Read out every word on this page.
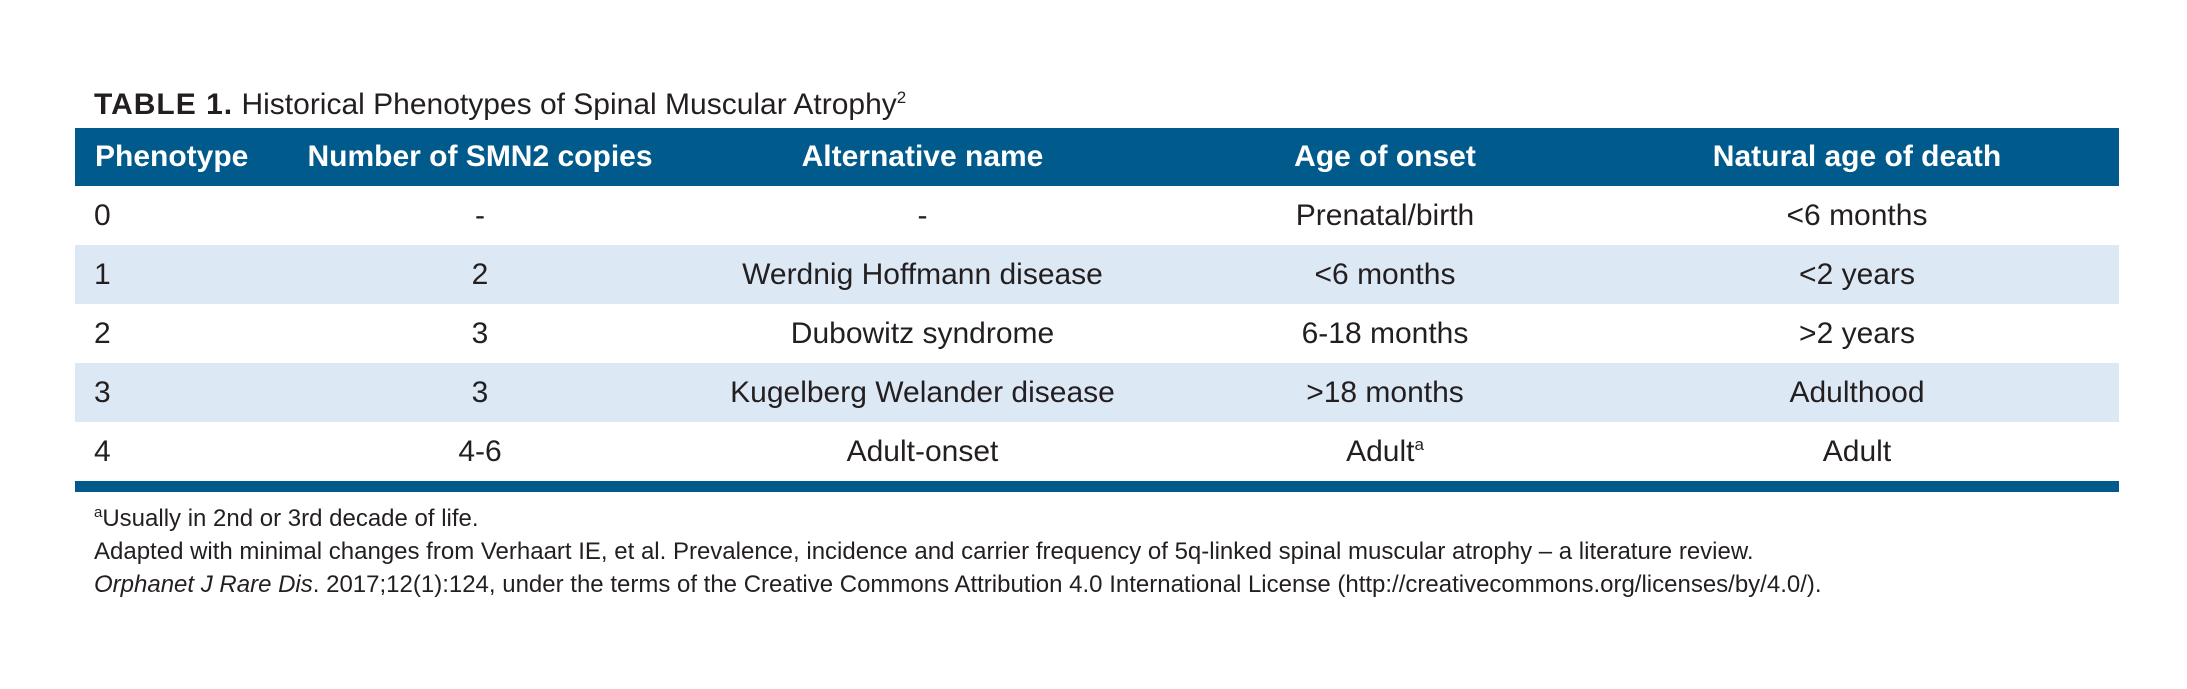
TABLE 1. Historical Phenotypes of Spinal Muscular Atrophy$^2$
Phenotype	Number of SMN2 copies	Alternative name	Age of onset	Natural age of death
0	-	-	Prenatal/birth	<6 months
1	2	Werdnig Hoffmann disease	<6 months	<2 years
2	3	Dubowitz syndrome	6-18 months	>2 years
3	3	Kugelberg Welander disease	>18 months	Adulthood
4	4-6	Adult-onset	Adult$^a$	Adult
$^a$Usually in 2nd or 3rd decade of life.
Adapted with minimal changes from Verhaart IE, et al. Prevalence, incidence and carrier frequency of 5q-linked spinal muscular atrophy – a literature review.
Orphanet J Rare Dis. 2017;12(1):124, under the terms of the Creative Commons Attribution 4.0 International License (http://creativecommons.org/licenses/by/4.0/).
